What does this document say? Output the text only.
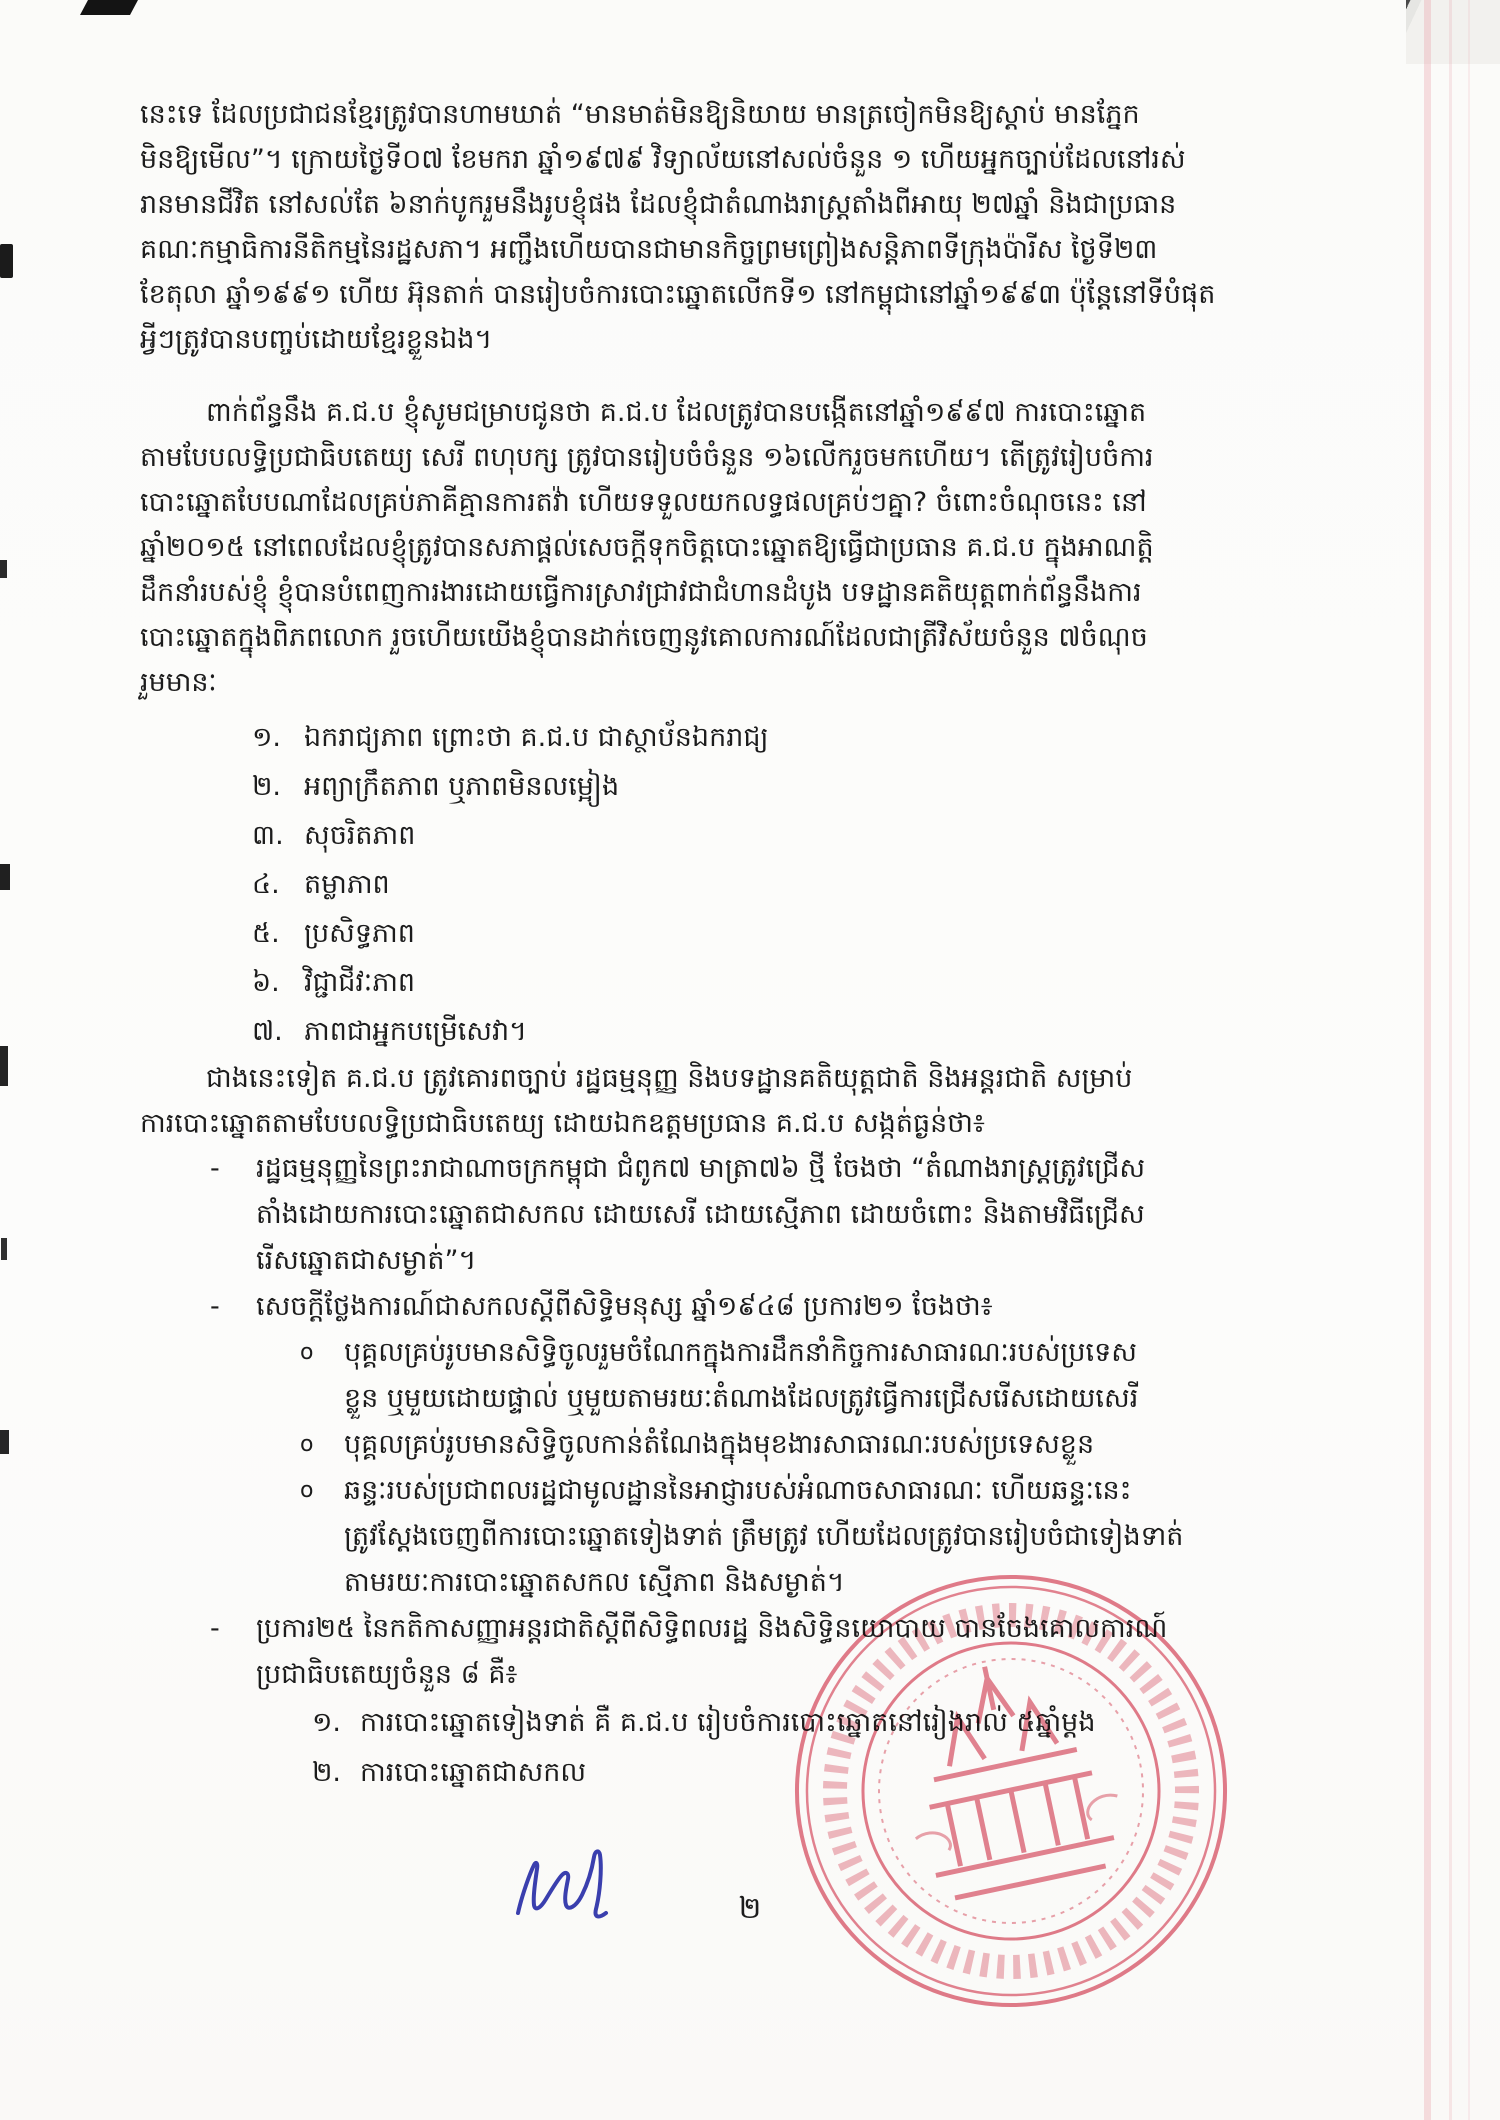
នេះទេ ដែលប្រជាជនខ្មែរត្រូវបានហាមឃាត់ “មានមាត់មិនឱ្យនិយាយ មានត្រចៀកមិនឱ្យស្ដាប់ មានភ្នែក
មិនឱ្យមើល”។ ក្រោយថ្ងៃទី០៧ ខែមករា ឆ្នាំ១៩៧៩ វិទ្យាល័យនៅសល់ចំនួន ១ ហើយអ្នកច្បាប់ដែលនៅរស់
រានមានជីវិត នៅសល់តែ ៦នាក់បូករួមនឹងរូបខ្ញុំផង ដែលខ្ញុំជាតំណាងរាស្ត្រតាំងពីអាយុ ២៧ឆ្នាំ និងជាប្រធាន
គណៈកម្មាធិការនីតិកម្មនៃរដ្ឋសភា។ អញ្ជឹងហើយបានជាមានកិច្ចព្រមព្រៀងសន្តិភាពទីក្រុងប៉ារីស ថ្ងៃទី២៣
ខែតុលា ឆ្នាំ១៩៩១ ហើយ អ៊ុនតាក់ បានរៀបចំការបោះឆ្នោតលើកទី១ នៅកម្ពុជានៅឆ្នាំ១៩៩៣ ប៉ុន្តែនៅទីបំផុត
អ្វីៗត្រូវបានបញ្ចប់ដោយខ្មែរខ្លួនឯង។
ពាក់ព័ន្ធនឹង គ.ជ.ប ខ្ញុំសូមជម្រាបជូនថា គ.ជ.ប ដែលត្រូវបានបង្កើតនៅឆ្នាំ១៩៩៧ ការបោះឆ្នោត
តាមបែបលទ្ធិប្រជាធិបតេយ្យ សេរី ពហុបក្ស ត្រូវបានរៀបចំចំនួន ១៦លើករួចមកហើយ។ តើត្រូវរៀបចំការ
បោះឆ្នោតបែបណាដែលគ្រប់ភាគីគ្មានការតវ៉ា ហើយទទួលយកលទ្ធផលគ្រប់ៗគ្នា? ចំពោះចំណុចនេះ នៅ
ឆ្នាំ២០១៥ នៅពេលដែលខ្ញុំត្រូវបានសភាផ្ដល់សេចក្ដីទុកចិត្តបោះឆ្នោតឱ្យធ្វើជាប្រធាន គ.ជ.ប ក្នុងអាណត្តិ
ដឹកនាំរបស់ខ្ញុំ ខ្ញុំបានបំពេញការងារដោយធ្វើការស្រាវជ្រាវជាជំហានដំបូង បទដ្ឋានគតិយុត្តពាក់ព័ន្ធនឹងការ
បោះឆ្នោតក្នុងពិភពលោក រួចហើយយើងខ្ញុំបានដាក់ចេញនូវគោលការណ៍ដែលជាត្រីវិស័យចំនួន ៧ចំណុច
រួមមានៈ
១. ឯករាជ្យភាព ព្រោះថា គ.ជ.ប ជាស្ថាប័នឯករាជ្យ
២. អព្យាក្រឹតភាព ឬភាពមិនលម្អៀង
៣. សុចរិតភាព
៤. តម្លាភាព
៥. ប្រសិទ្ធភាព
៦. វិជ្ជាជីវៈភាព
៧. ភាពជាអ្នកបម្រើសេវា។
ជាងនេះទៀត គ.ជ.ប ត្រូវគោរពច្បាប់ រដ្ឋធម្មនុញ្ញ និងបទដ្ឋានគតិយុត្តជាតិ និងអន្តរជាតិ សម្រាប់
ការបោះឆ្នោតតាមបែបលទ្ធិប្រជាធិបតេយ្យ ដោយឯកឧត្តមប្រធាន គ.ជ.ប សង្កត់ធ្ងន់ថា៖
-	រដ្ឋធម្មនុញ្ញនៃព្រះរាជាណាចក្រកម្ពុជា ជំពូក៧ មាត្រា៧៦ ថ្មី ចែងថា “តំណាងរាស្ត្រត្រូវជ្រើស
តាំងដោយការបោះឆ្នោតជាសកល ដោយសេរី ដោយស្មើភាព ដោយចំពោះ និងតាមវិធីជ្រើស
រើសឆ្នោតជាសម្ងាត់”។
-	សេចក្ដីថ្លែងការណ៍ជាសកលស្ដីពីសិទ្ធិមនុស្ស ឆ្នាំ១៩៤៨ ប្រការ២១ ចែងថា៖
o	បុគ្គលគ្រប់រូបមានសិទ្ធិចូលរួមចំណែកក្នុងការដឹកនាំកិច្ចការសាធារណៈរបស់ប្រទេស
ខ្លួន ឬមួយដោយផ្ទាល់ ឬមួយតាមរយៈតំណាងដែលត្រូវធ្វើការជ្រើសរើសដោយសេរី
o	បុគ្គលគ្រប់រូបមានសិទ្ធិចូលកាន់តំណែងក្នុងមុខងារសាធារណៈរបស់ប្រទេសខ្លួន
o	ឆន្ទៈរបស់ប្រជាពលរដ្ឋជាមូលដ្ឋាននៃអាជ្ញារបស់អំណាចសាធារណៈ ហើយឆន្ទៈនេះ
ត្រូវស្ដែងចេញពីការបោះឆ្នោតទៀងទាត់ ត្រឹមត្រូវ ហើយដែលត្រូវបានរៀបចំជាទៀងទាត់
តាមរយៈការបោះឆ្នោតសកល ស្មើភាព និងសម្ងាត់។
-	ប្រការ២៥ នៃកតិកាសញ្ញាអន្តរជាតិស្ដីពីសិទ្ធិពលរដ្ឋ និងសិទ្ធិនយោបាយ បានចែងគោលការណ៍
ប្រជាធិបតេយ្យចំនួន ៨ គឺ៖
១. ការបោះឆ្នោតទៀងទាត់ គឺ គ.ជ.ប រៀបចំការបោះឆ្នោតនៅរៀងរាល់ ៥ឆ្នាំម្ដង
២. ការបោះឆ្នោតជាសកល
២
